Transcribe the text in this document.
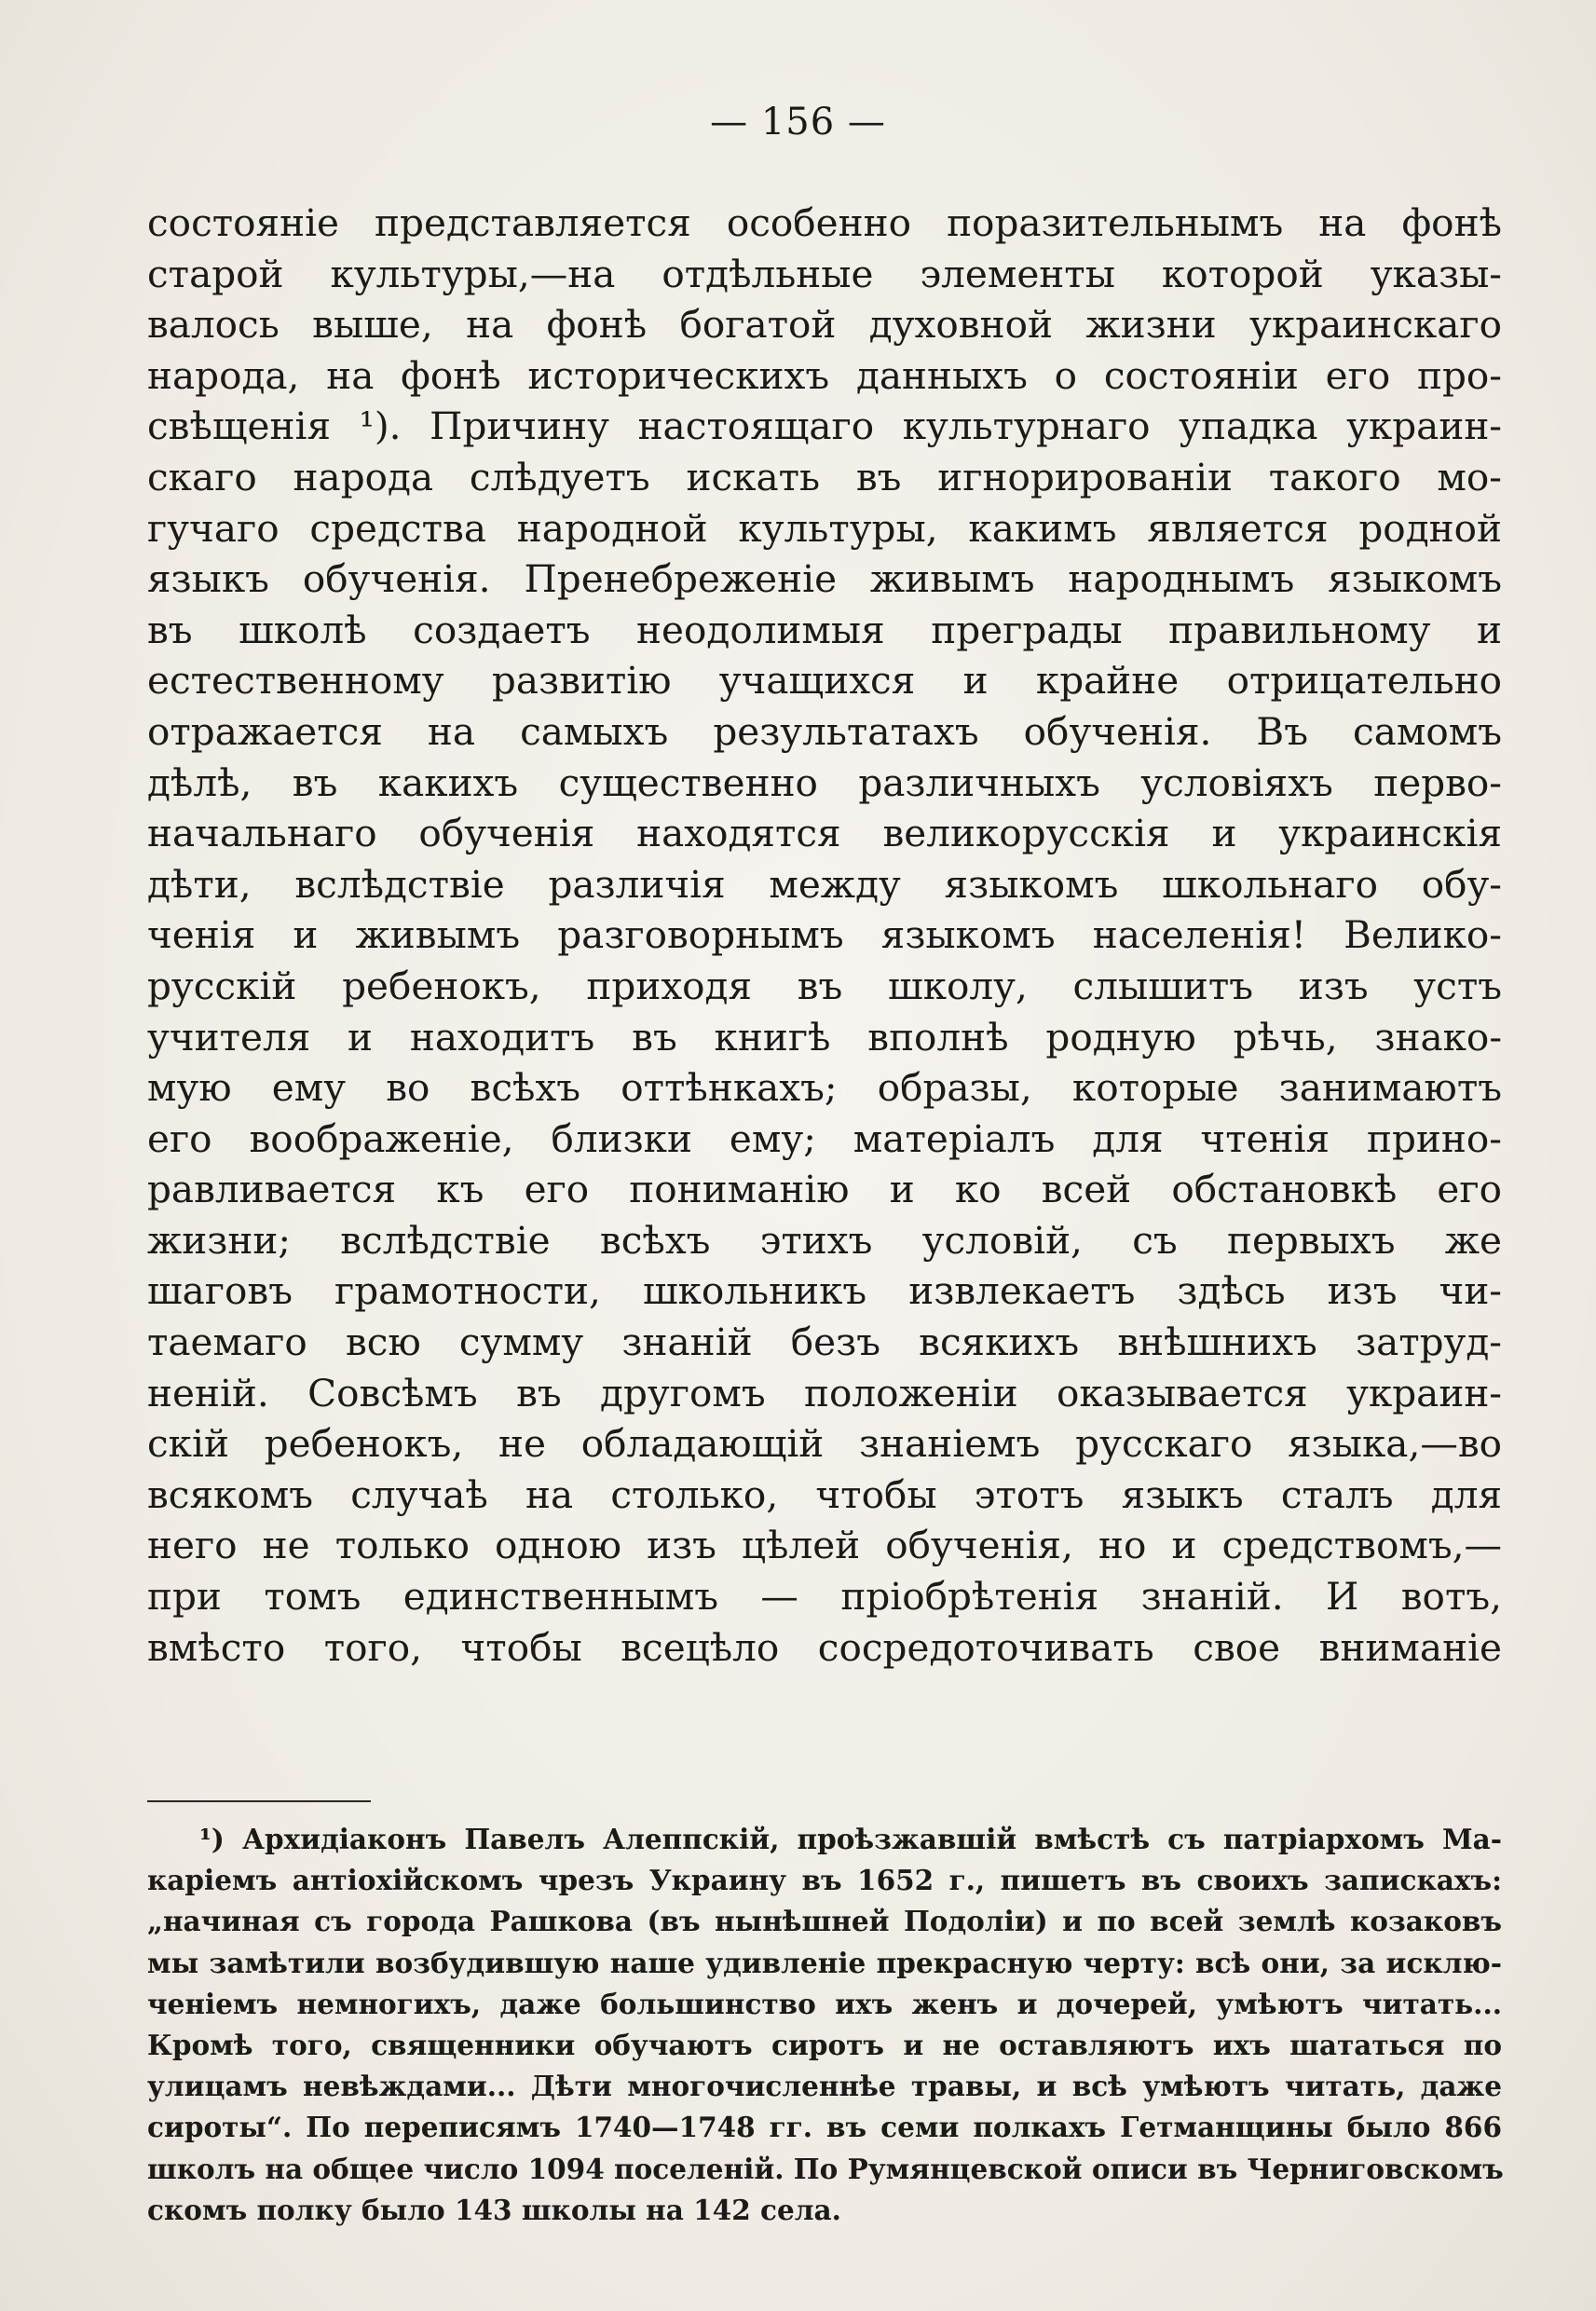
— 156 —
состоянiе представляется особенно поразительнымъ на фонѣ
старой культуры,—на отдѣльные элементы которой указы-
валось выше, на фонѣ богатой духовной жизни украинскаго
народа, на фонѣ историческихъ данныхъ о состоянiи его про-
свѣщенiя ¹). Причину настоящаго культурнаго упадка украин-
скаго народа слѣдуетъ искать въ игнорированiи такого мо-
гучаго средства народной культуры, какимъ является родной
языкъ обученiя. Пренебреженiе живымъ народнымъ языкомъ
въ школѣ создаетъ неодолимыя преграды правильному и
естественному развитiю учащихся и крайне отрицательно
отражается на самыхъ результатахъ обученiя. Въ самомъ
дѣлѣ, въ какихъ существенно различныхъ условiяхъ перво-
начальнаго обученiя находятся великорусскiя и украинскiя
дѣти, вслѣдствiе различiя между языкомъ школьнаго обу-
ченiя и живымъ разговорнымъ языкомъ населенiя! Велико-
русскiй ребенокъ, приходя въ школу, слышитъ изъ устъ
учителя и находитъ въ книгѣ вполнѣ родную рѣчь, знако-
мую ему во всѣхъ оттѣнкахъ; образы, которые занимаютъ
его воображенiе, близки ему; матерiалъ для чтенiя прино-
равливается къ его пониманiю и ко всей обстановкѣ его
жизни; вслѣдствiе всѣхъ этихъ условiй, съ первыхъ же
шаговъ грамотности, школьникъ извлекаетъ здѣсь изъ чи-
таемаго всю сумму знанiй безъ всякихъ внѣшнихъ затруд-
ненiй. Совсѣмъ въ другомъ положенiи оказывается украин-
скiй ребенокъ, не обладающiй знанiемъ русскаго языка,—во
всякомъ случаѣ на столько, чтобы этотъ языкъ сталъ для
него не только одною изъ цѣлей обученiя, но и средствомъ,—
при томъ единственнымъ — прiобрѣтенiя знанiй. И вотъ,
вмѣсто того, чтобы всецѣло сосредоточивать свое вниманiе
¹) Архидiаконъ Павелъ Алеппскiй, проѣзжавшiй вмѣстѣ съ патрiархомъ Ма-
карiемъ антiохiйскомъ чрезъ Украину въ 1652 г., пишетъ въ своихъ запискахъ:
„начиная съ города Рашкова (въ нынѣшней Подолiи) и по всей землѣ козаковъ
мы замѣтили возбудившую наше удивленiе прекрасную черту: всѣ они, за исклю-
ченiемъ немногихъ, даже большинство ихъ женъ и дочерей, умѣютъ читать...
Кромѣ того, священники обучаютъ сиротъ и не оставляютъ ихъ шататься по
улицамъ невѣждами... Дѣти многочисленнѣе травы, и всѣ умѣютъ читать, даже
сироты“. По переписямъ 1740—1748 гг. въ семи полкахъ Гетманщины было 866
школъ на общее число 1094 поселенiй. По Румянцевской описи въ Черниговскомъ
скомъ полку было 143 школы на 142 села.
